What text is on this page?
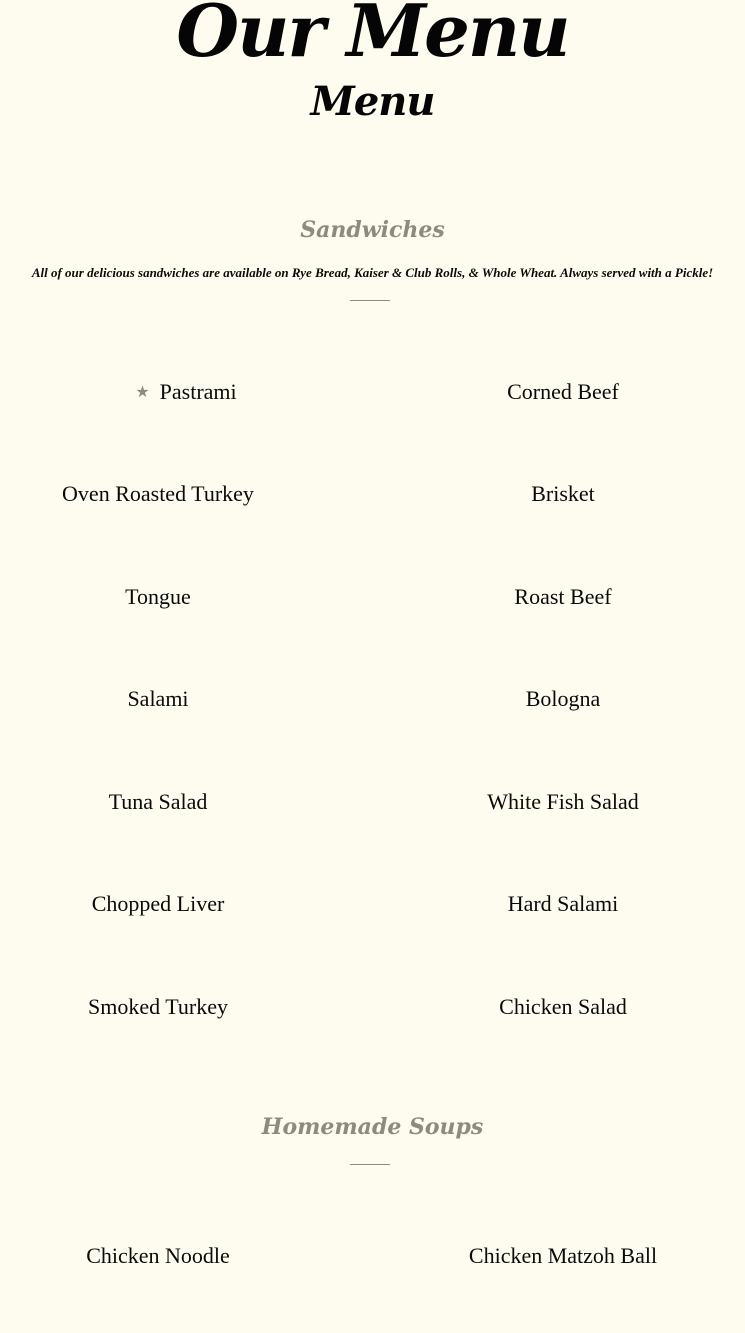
Our Menu
Menu
Sandwiches
All of our delicious sandwiches are available on Rye Bread, Kaiser & Club Rolls, & Whole Wheat. Always served with a Pickle!
★ Pastrami	Corned Beef
Oven Roasted Turkey	Brisket
Tongue	Roast Beef
Salami	Bologna
Tuna Salad	White Fish Salad
Chopped Liver	Hard Salami
Smoked Turkey	Chicken Salad
Homemade Soups
Chicken Noodle	Chicken Matzoh Ball
